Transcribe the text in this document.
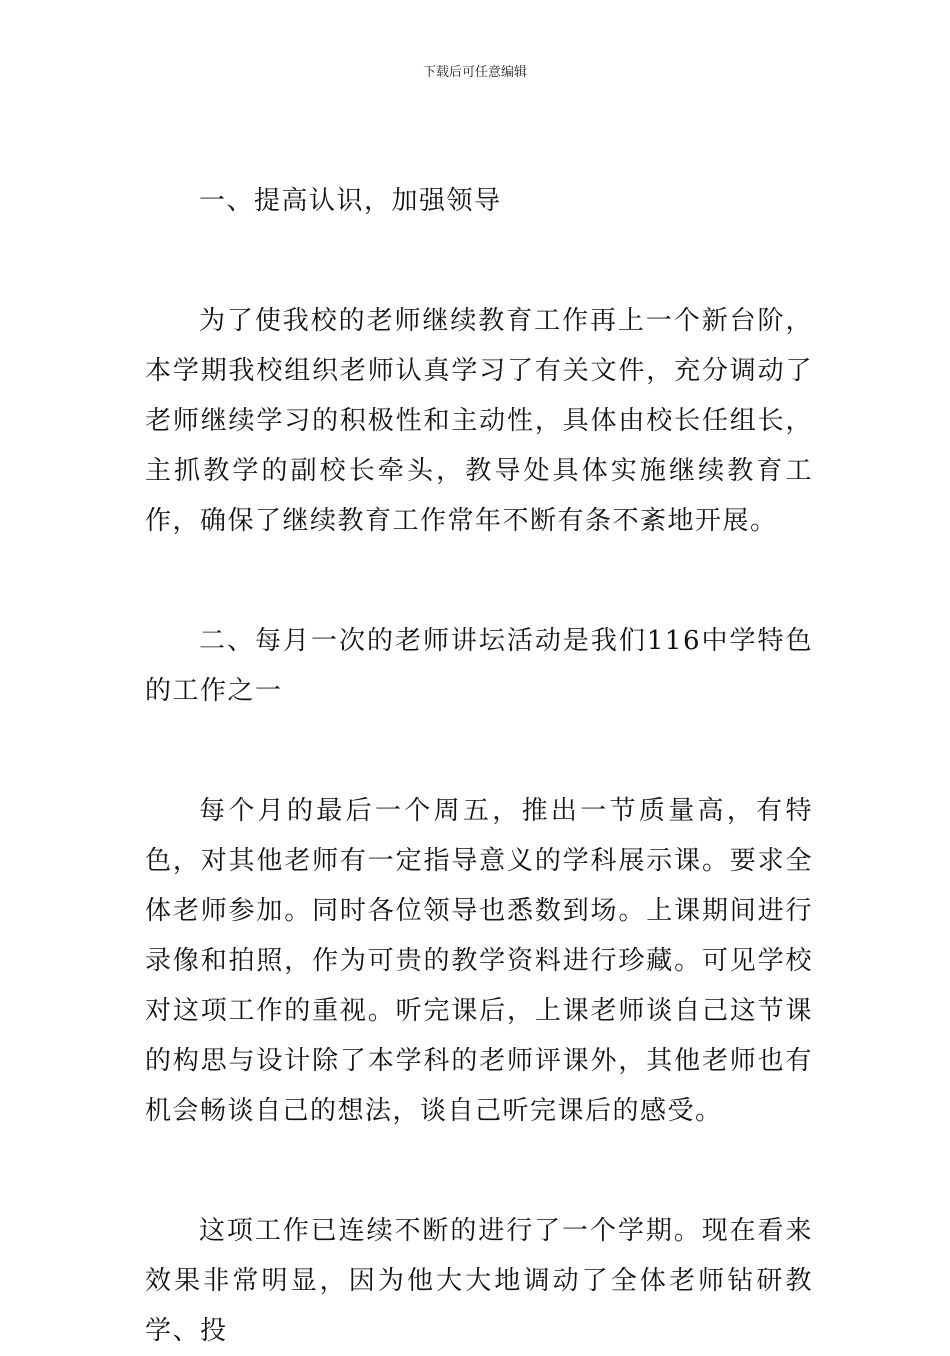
下载后可任意编辑

一、提高认识，加强领导

为了使我校的老师继续教育工作再上一个新台阶，本学期我校组织老师认真学习了有关文件，充分调动了老师继续学习的积极性和主动性，具体由校长任组长，主抓教学的副校长牵头，教导处具体实施继续教育工作，确保了继续教育工作常年不断有条不紊地开展。

二、每月一次的老师讲坛活动是我们116中学特色的工作之一

每个月的最后一个周五，推出一节质量高，有特色，对其他老师有一定指导意义的学科展示课。要求全体老师参加。同时各位领导也悉数到场。上课期间进行录像和拍照，作为可贵的教学资料进行珍藏。可见学校对这项工作的重视。听完课后，上课老师谈自己这节课的构思与设计除了本学科的老师评课外，其他老师也有机会畅谈自己的想法，谈自己听完课后的感受。

这项工作已连续不断的进行了一个学期。现在看来效果非常明显，因为他大大地调动了全体老师钻研教学、投
